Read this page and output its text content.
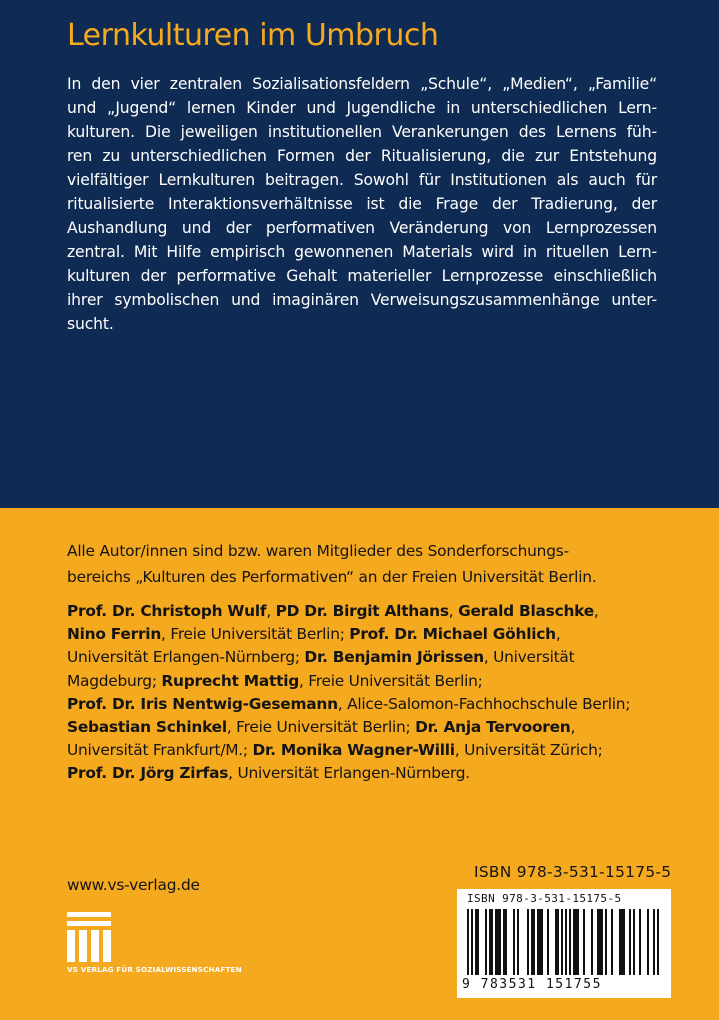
Lernkulturen im Umbruch
In den vier zentralen Sozialisationsfeldern „Schule“, „Medien“, „Familie“
und „Jugend“ lernen Kinder und Jugendliche in unterschiedlichen Lern-
kulturen. Die jeweiligen institutionellen Verankerungen des Lernens füh-
ren zu unterschiedlichen Formen der Ritualisierung, die zur Entstehung
vielfältiger Lernkulturen beitragen. Sowohl für Institutionen als auch für
ritualisierte Interaktionsverhältnisse ist die Frage der Tradierung, der
Aushandlung und der performativen Veränderung von Lernprozessen
zentral. Mit Hilfe empirisch gewonnenen Materials wird in rituellen Lern-
kulturen der performative Gehalt materieller Lernprozesse einschließlich
ihrer symbolischen und imaginären Verweisungszusammenhänge unter-
sucht.
Alle Autor/innen sind bzw. waren Mitglieder des Sonderforschungs-
bereichs „Kulturen des Performativen“ an der Freien Universität Berlin.
Prof. Dr. Christoph Wulf, PD Dr. Birgit Althans, Gerald Blaschke,
Nino Ferrin, Freie Universität Berlin; Prof. Dr. Michael Göhlich,
Universität Erlangen-Nürnberg; Dr. Benjamin Jörissen, Universität
Magdeburg; Ruprecht Mattig, Freie Universität Berlin;
Prof. Dr. Iris Nentwig-Gesemann, Alice-Salomon-Fachhochschule Berlin;
Sebastian Schinkel, Freie Universität Berlin; Dr. Anja Tervooren,
Universität Frankfurt/M.; Dr. Monika Wagner-Willi, Universität Zürich;
Prof. Dr. Jörg Zirfas, Universität Erlangen-Nürnberg.
www.vs-verlag.de
VS VERLAG FÜR SOZIALWISSENSCHAFTEN
ISBN 978-3-531-15175-5
ISBN 978-3-531-15175-5
9 783531 151755
